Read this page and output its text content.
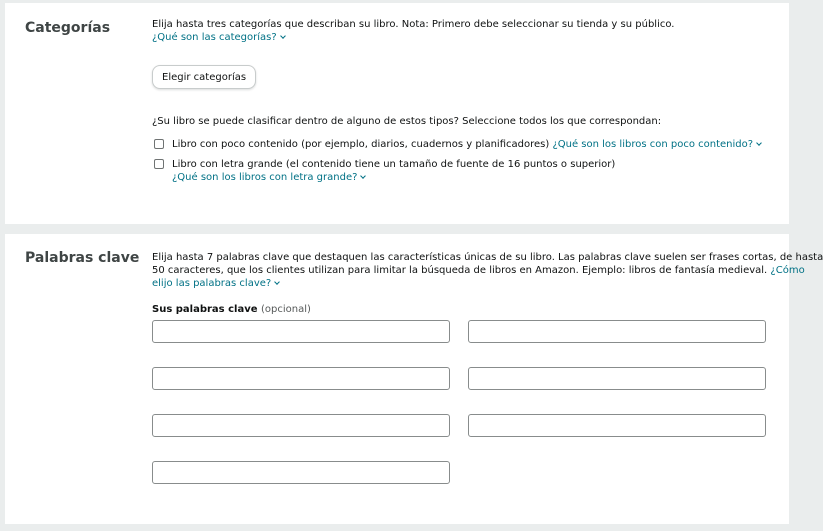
Categorías	Elija hasta tres categorías que describan su libro. Nota: Primero debe seleccionar su tienda y su público.
¿Qué son las categorías?
Elegir categorías
¿Su libro se puede clasificar dentro de alguno de estos tipos? Seleccione todos los que correspondan:
Libro con poco contenido (por ejemplo, diarios, cuadernos y planificadores) ¿Qué son los libros con poco contenido?
Libro con letra grande (el contenido tiene un tamaño de fuente de 16 puntos o superior)
¿Qué son los libros con letra grande?
Palabras clave Elija hasta 7 palabras clave que destaquen las características únicas de su libro. Las palabras clave suelen ser frases cortas, de hasta
50 caracteres, que los clientes utilizan para limitar la búsqueda de libros en Amazon. Ejemplo: libros de fantasía medieval. ¿Cómo
elijo las palabras clave?
Sus palabras clave (opcional)
